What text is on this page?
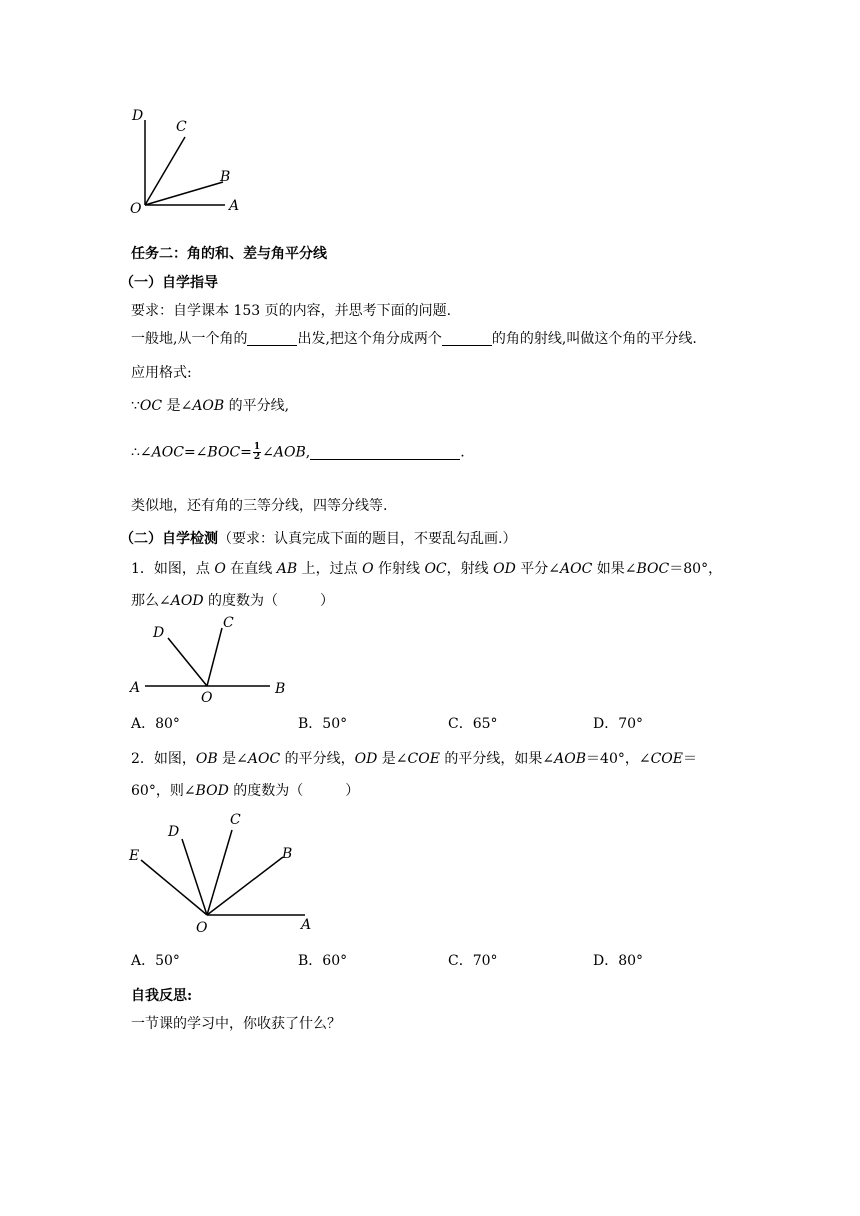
D
C
B
O	A
任务二：角的和、差与角平分线
（一）自学指导
要求：自学课本 153 页的内容，并思考下面的问题.
一般地,从一个角的	出发,把这个角分成两个	的角的射线,叫做这个角的平分线.
应用格式:
∵OC 是∠AOB 的平分线,
∴∠AOC=∠BOC= $\frac{1}{2}$ ∠AOB,	.
类似地，还有角的三等分线，四等分线等.
（二）自学检测（要求：认真完成下面的题目，不要乱勾乱画.）
1．如图，点 O 在直线 AB 上，过点 O 作射线 OC，射线 OD 平分∠AOC 如果∠BOC＝80°，
那么∠AOD 的度数为（　　　）
D
C
A
O
B
A．80°	B．50°	C．65°	D．70°
2．如图，OB 是∠AOC 的平分线，OD 是∠COE 的平分线，如果∠AOB＝40°，∠COE＝
60°，则∠BOD 的度数为（　　　）
D
C
E	B
O	A
A．50°	B．60°	C．70°	D．80°
自我反思:
一节课的学习中，你收获了什么？
